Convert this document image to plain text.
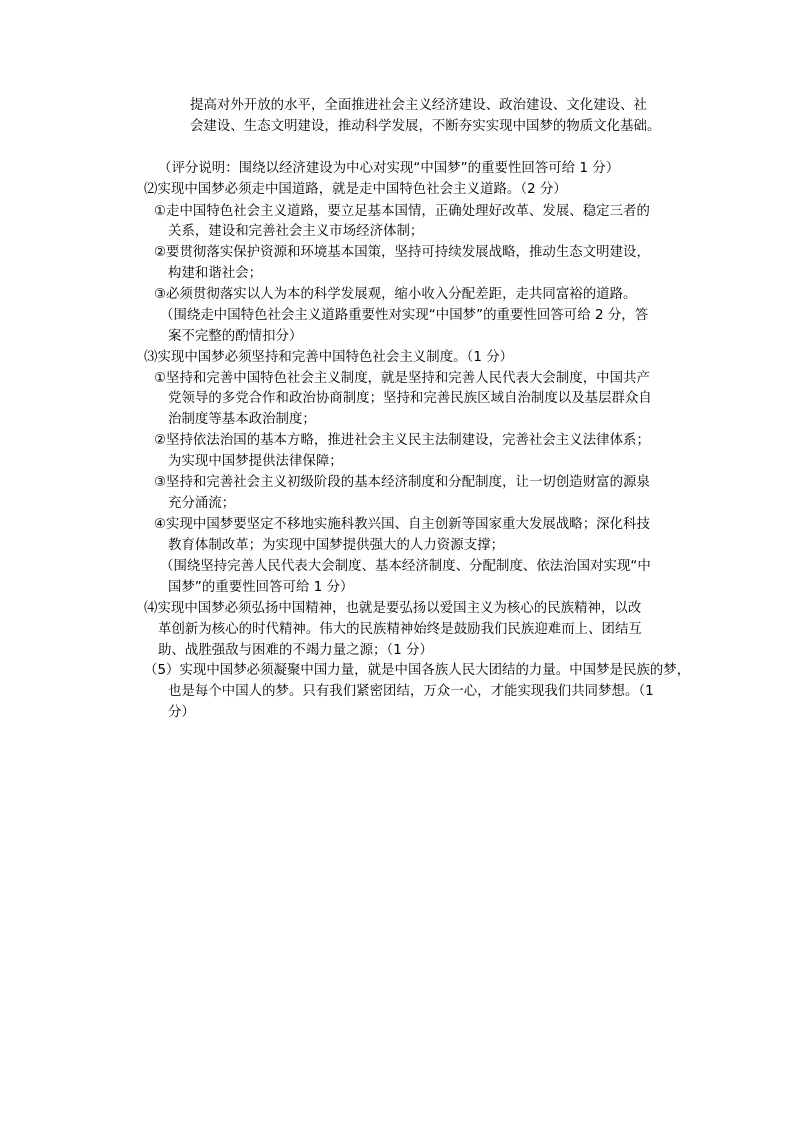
提高对外开放的水平，全面推进社会主义经济建设、政治建设、文化建设、社
会建设、生态文明建设，推动科学发展，不断夯实实现中国梦的物质文化基础。
（评分说明：围绕以经济建设为中心对实现“中国梦”的重要性回答可给 1 分）
⑵实现中国梦必须走中国道路，就是走中国特色社会主义道路。（2 分）
①走中国特色社会主义道路，要立足基本国情，正确处理好改革、发展、稳定三者的
关系，建设和完善社会主义市场经济体制；
②要贯彻落实保护资源和环境基本国策，坚持可持续发展战略，推动生态文明建设，
构建和谐社会；
③必须贯彻落实以人为本的科学发展观，缩小收入分配差距，走共同富裕的道路。
（围绕走中国特色社会主义道路重要性对实现“中国梦”的重要性回答可给 2 分，答
案不完整的酌情扣分）
⑶实现中国梦必须坚持和完善中国特色社会主义制度。（1 分）
①坚持和完善中国特色社会主义制度，就是坚持和完善人民代表大会制度，中国共产
党领导的多党合作和政治协商制度；坚持和完善民族区域自治制度以及基层群众自
治制度等基本政治制度；
②坚持依法治国的基本方略，推进社会主义民主法制建设，完善社会主义法律体系；
为实现中国梦提供法律保障；
③坚持和完善社会主义初级阶段的基本经济制度和分配制度，让一切创造财富的源泉
充分涌流；
④实现中国梦要坚定不移地实施科教兴国、自主创新等国家重大发展战略；深化科技
教育体制改革；为实现中国梦提供强大的人力资源支撑；
（围绕坚持完善人民代表大会制度、基本经济制度、分配制度、依法治国对实现“中
国梦”的重要性回答可给 1 分）
⑷实现中国梦必须弘扬中国精神，也就是要弘扬以爱国主义为核心的民族精神，以改
革创新为核心的时代精神。伟大的民族精神始终是鼓励我们民族迎难而上、团结互
助、战胜强敌与困难的不竭力量之源；（1 分）
（5）实现中国梦必须凝聚中国力量，就是中国各族人民大团结的力量。中国梦是民族的梦，
也是每个中国人的梦。只有我们紧密团结，万众一心，才能实现我们共同梦想。（1
分）
